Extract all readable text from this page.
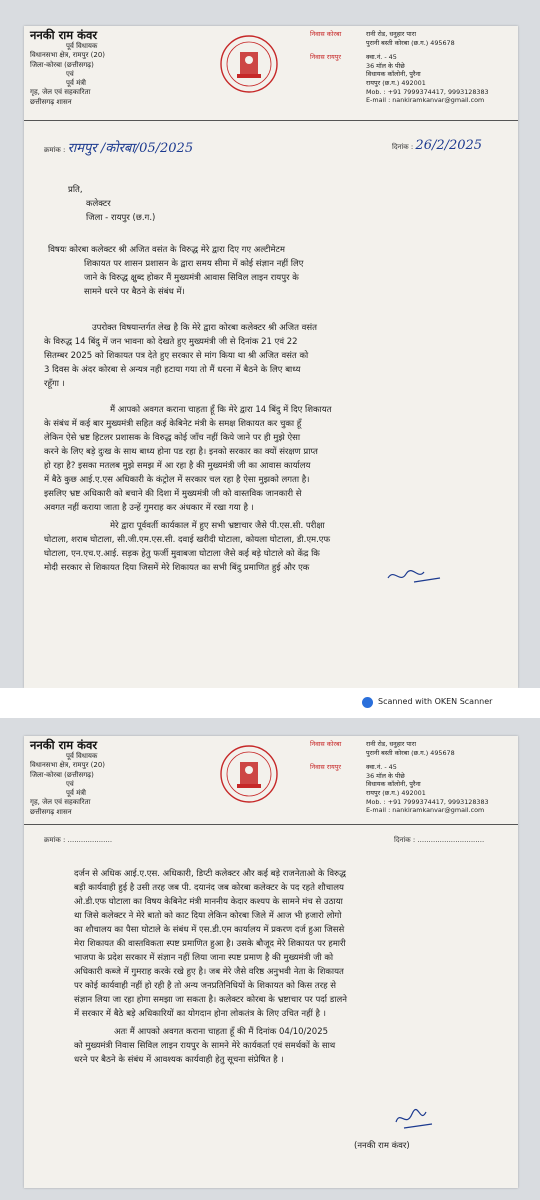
ननकी राम कंवर
पूर्व विधायक
विधानसभा क्षेत्र, रामपुर (20)
जिला-कोरबा (छत्तीसगढ़)
एवं
पूर्व मंत्री
गृह, जेल एवं सहकारिता
छत्तीसगढ़ शासन
निवास कोरबा	रानी रोड, धनुहार पारा
पुरानी बस्ती कोरबा (छ.ग.) 495678
निवास रायपुर	क्वा.नं. - 45
36 मॉल के पीछे
विधायक कॉलोनी, पुरैना
रायपुर (छ.ग.) 492001
Mob. : +91 7999374417, 9993128383
E-mail : nankiramkanvar@gmail.com
क्रमांक : रामपुर /कोरबा/05/2025	दिनांक : 26/2/2025
प्रति,
कलेक्टर
जिला - रायपुर (छ.ग.)
विषयः कोरबा कलेक्टर श्री अजित वसंत के विरुद्ध मेरे द्वारा दिए गए अल्टीमेटम
शिकायत पर शासन प्रशासन के द्वारा समय सीमा में कोई संज्ञान नहीं लिए
जाने के विरुद्ध क्षुब्द होकर मैं मुख्यमंत्री आवास सिविल लाइन रायपुर के
सामने धरने पर बैठने के संबंध में।
उपरोक्त विषयान्तर्गत लेख है कि मेरे द्वारा कोरबा कलेक्टर श्री अजित वसंत
के विरुद्ध 14 बिंदु में जन भावना को देखते हुए मुख्यमंत्री जी से दिनांक 21 एवं 22
सितम्बर 2025 को शिकायत पत्र देते हुए सरकार से मांग किया था श्री अजित वसंत को
3 दिवस के अंदर कोरबा से अन्यत्र नही हटाया गया तो मैं धरना में बैठने के लिए बाध्य
रहूँगा ।
मैं आपको अवगत कराना चाहता हूँ कि मेरे द्वारा 14 बिंदु में दिए शिकायत
के संबंध में कई बार मुख्यमंत्री सहित कई केबिनेट मंत्री के समक्ष शिकायत कर चुका हूँ
लेकिन ऐसे भ्रष्ट हिटलर प्रशासक के विरुद्ध कोई जाँच नहीं किये जाने पर ही मुझे ऐसा
करने के लिए बड़े दुःख के साथ बाध्य होना पड रहा है। इनको सरकार का क्यों संरक्षण प्राप्त
हो रहा है? इसका मतलब मुझे समझ में आ रहा है की मुख्यमंत्री जी का आवास कार्यालय
में बैठे कुछ आई.ए.एस अधिकारी के कंट्रोल में सरकार चल रहा है ऐसा मुझको लगता है।
इसलिए भ्रष्ट अधिकारी को बचाने की दिशा में मुख्यमंत्री जी को वास्तविक जानकारी से
अवगत नहीं कराया जाता है उन्हें गुमराह कर अंधकार में रखा गया है ।
मेरे द्वारा पूर्ववर्ती कार्यकाल में हुए सभी भ्रष्टाचार जैसे पी.एस.सी. परीक्षा
घोटाला, शराब घोटाला, सी.जी.एम.एस.सी. दवाई खरीदी घोटाला, कोयला घोटाला, डी.एम.एफ
घोटाला, एन.एच.ए.आई. सड़क हेतु फर्जी मुवाबजा घोटाला जैसे कई बड़े घोटाले को केंद्र कि
मोदी सरकार से शिकायत दिया जिसमें मेरे शिकायत का सभी बिंदु प्रमाणित हुई और एक
Scanned with OKEN Scanner
ननकी राम कंवर
पूर्व विधायक
विधानसभा क्षेत्र, रामपुर (20)
जिला-कोरबा (छत्तीसगढ़)
एवं
पूर्व मंत्री
गृह, जेल एवं सहकारिता
छत्तीसगढ़ शासन
निवास कोरबा	रानी रोड, धनुहार पारा
पुरानी बस्ती कोरबा (छ.ग.) 495678
निवास रायपुर	क्वा.नं. - 45
36 मॉल के पीछे
विधायक कॉलोनी, पुरैना
रायपुर (छ.ग.) 492001
Mob. : +91 7999374417, 9993128383
E-mail : nankiramkanvar@gmail.com
क्रमांक : ....................	दिनांक : ..............................
दर्जन से अधिक आई.ए.एस. अधिकारी, डिप्टी कलेक्टर और कई बड़े राजनेताओ के विरुद्ध
बड़ी कार्यवाही हुई है उसी तरह जब पी. दयानंद जब कोरबा कलेक्टर के पद रहते शौचालय
ओ.डी.एफ घोटाला का विषय केबिनेट मंत्री माननीय केदार कश्यप के सामने मंच से उठाया
था जिसे कलेक्टर ने मेरे बातो को काट दिया लेकिन कोरबा जिले में आज भी हजारो लोगो
का शौचालय का पैसा घोटाले के संबंध में एस.डी.एम कार्यालय में प्रकरण दर्ज हुआ जिससे
मेरा शिकायत की वास्तविकता स्पष्ट प्रमाणित हुआ है। उसके बौजूद मेरे शिकायत पर हमारी
भाजपा के प्रदेश सरकार में संज्ञान नहीं लिया जाना स्पष्ट प्रमाण है की मुख्यमंत्री जी को
अधिकारी कब्जे में गुमराह करके रखे हुए है। जब मेरे जैसे वरिष्ठ अनुभवी नेता के शिकायत
पर कोई कार्यवाही नहीं हो रही है तो अन्य जनप्रतिनिधियों के शिकायत को किस तरह से
संज्ञान लिया जा रहा होगा समझा जा सकता है। कलेक्टर कोरबा के भ्रष्टाचार पर पर्दा डालने
में सरकार में बैठे बड़े अधिकारियों का योगदान होना लोकतंत्र के लिए उचित नहीं है ।
अतः मैं आपको अवगत कराना चाहता हूँ की मैं दिनांक 04/10/2025
को मुख्यमंत्री निवास सिविल लाइन रायपुर के सामने मेरे कार्यकर्ता एवं समर्थकों के साथ
धरने पर बैठने के संबंध में आवश्यक कार्यवाही हेतु सूचना संप्रेषित है ।
(ननकी राम कंवर)
